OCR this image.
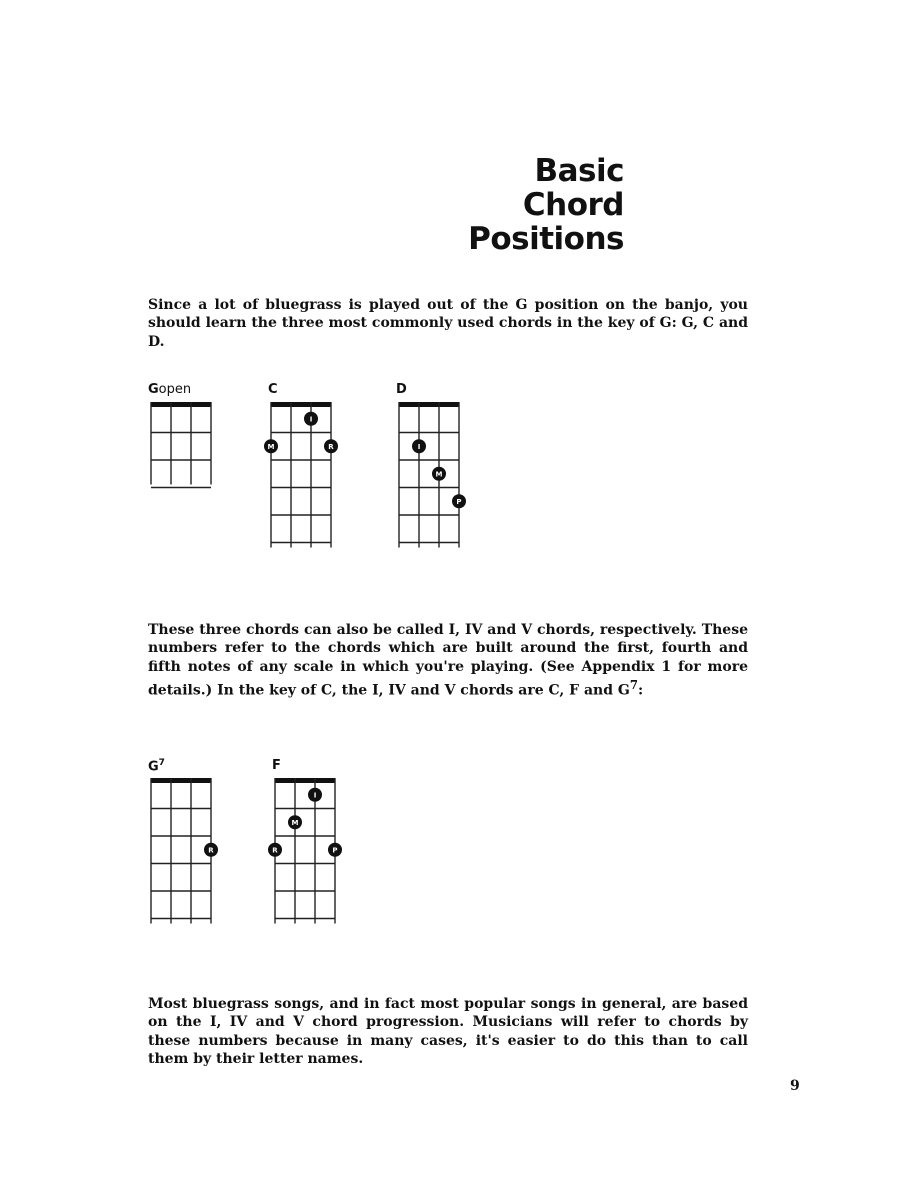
Basic
Chord
Positions
Since a lot of bluegrass is played out of the G position on the banjo, you should learn the three most commonly used chords in the key of G: G, C and D.
Gopen	C
I
M	R
D
I
M
P
These three chords can also be called I, IV and V chords, respectively. These numbers refer to the chords which are built around the first, fourth and fifth notes of any scale in which you're playing. (See Appendix 1 for more details.) In the key of C, the I, IV and V chords are C, F and $G^7$:
$G^7$
R
F
I
M
R	P
Most bluegrass songs, and in fact most popular songs in general, are based on the I, IV and V chord progression. Musicians will refer to chords by these numbers because in many cases, it's easier to do this than to call them by their letter names.
9
